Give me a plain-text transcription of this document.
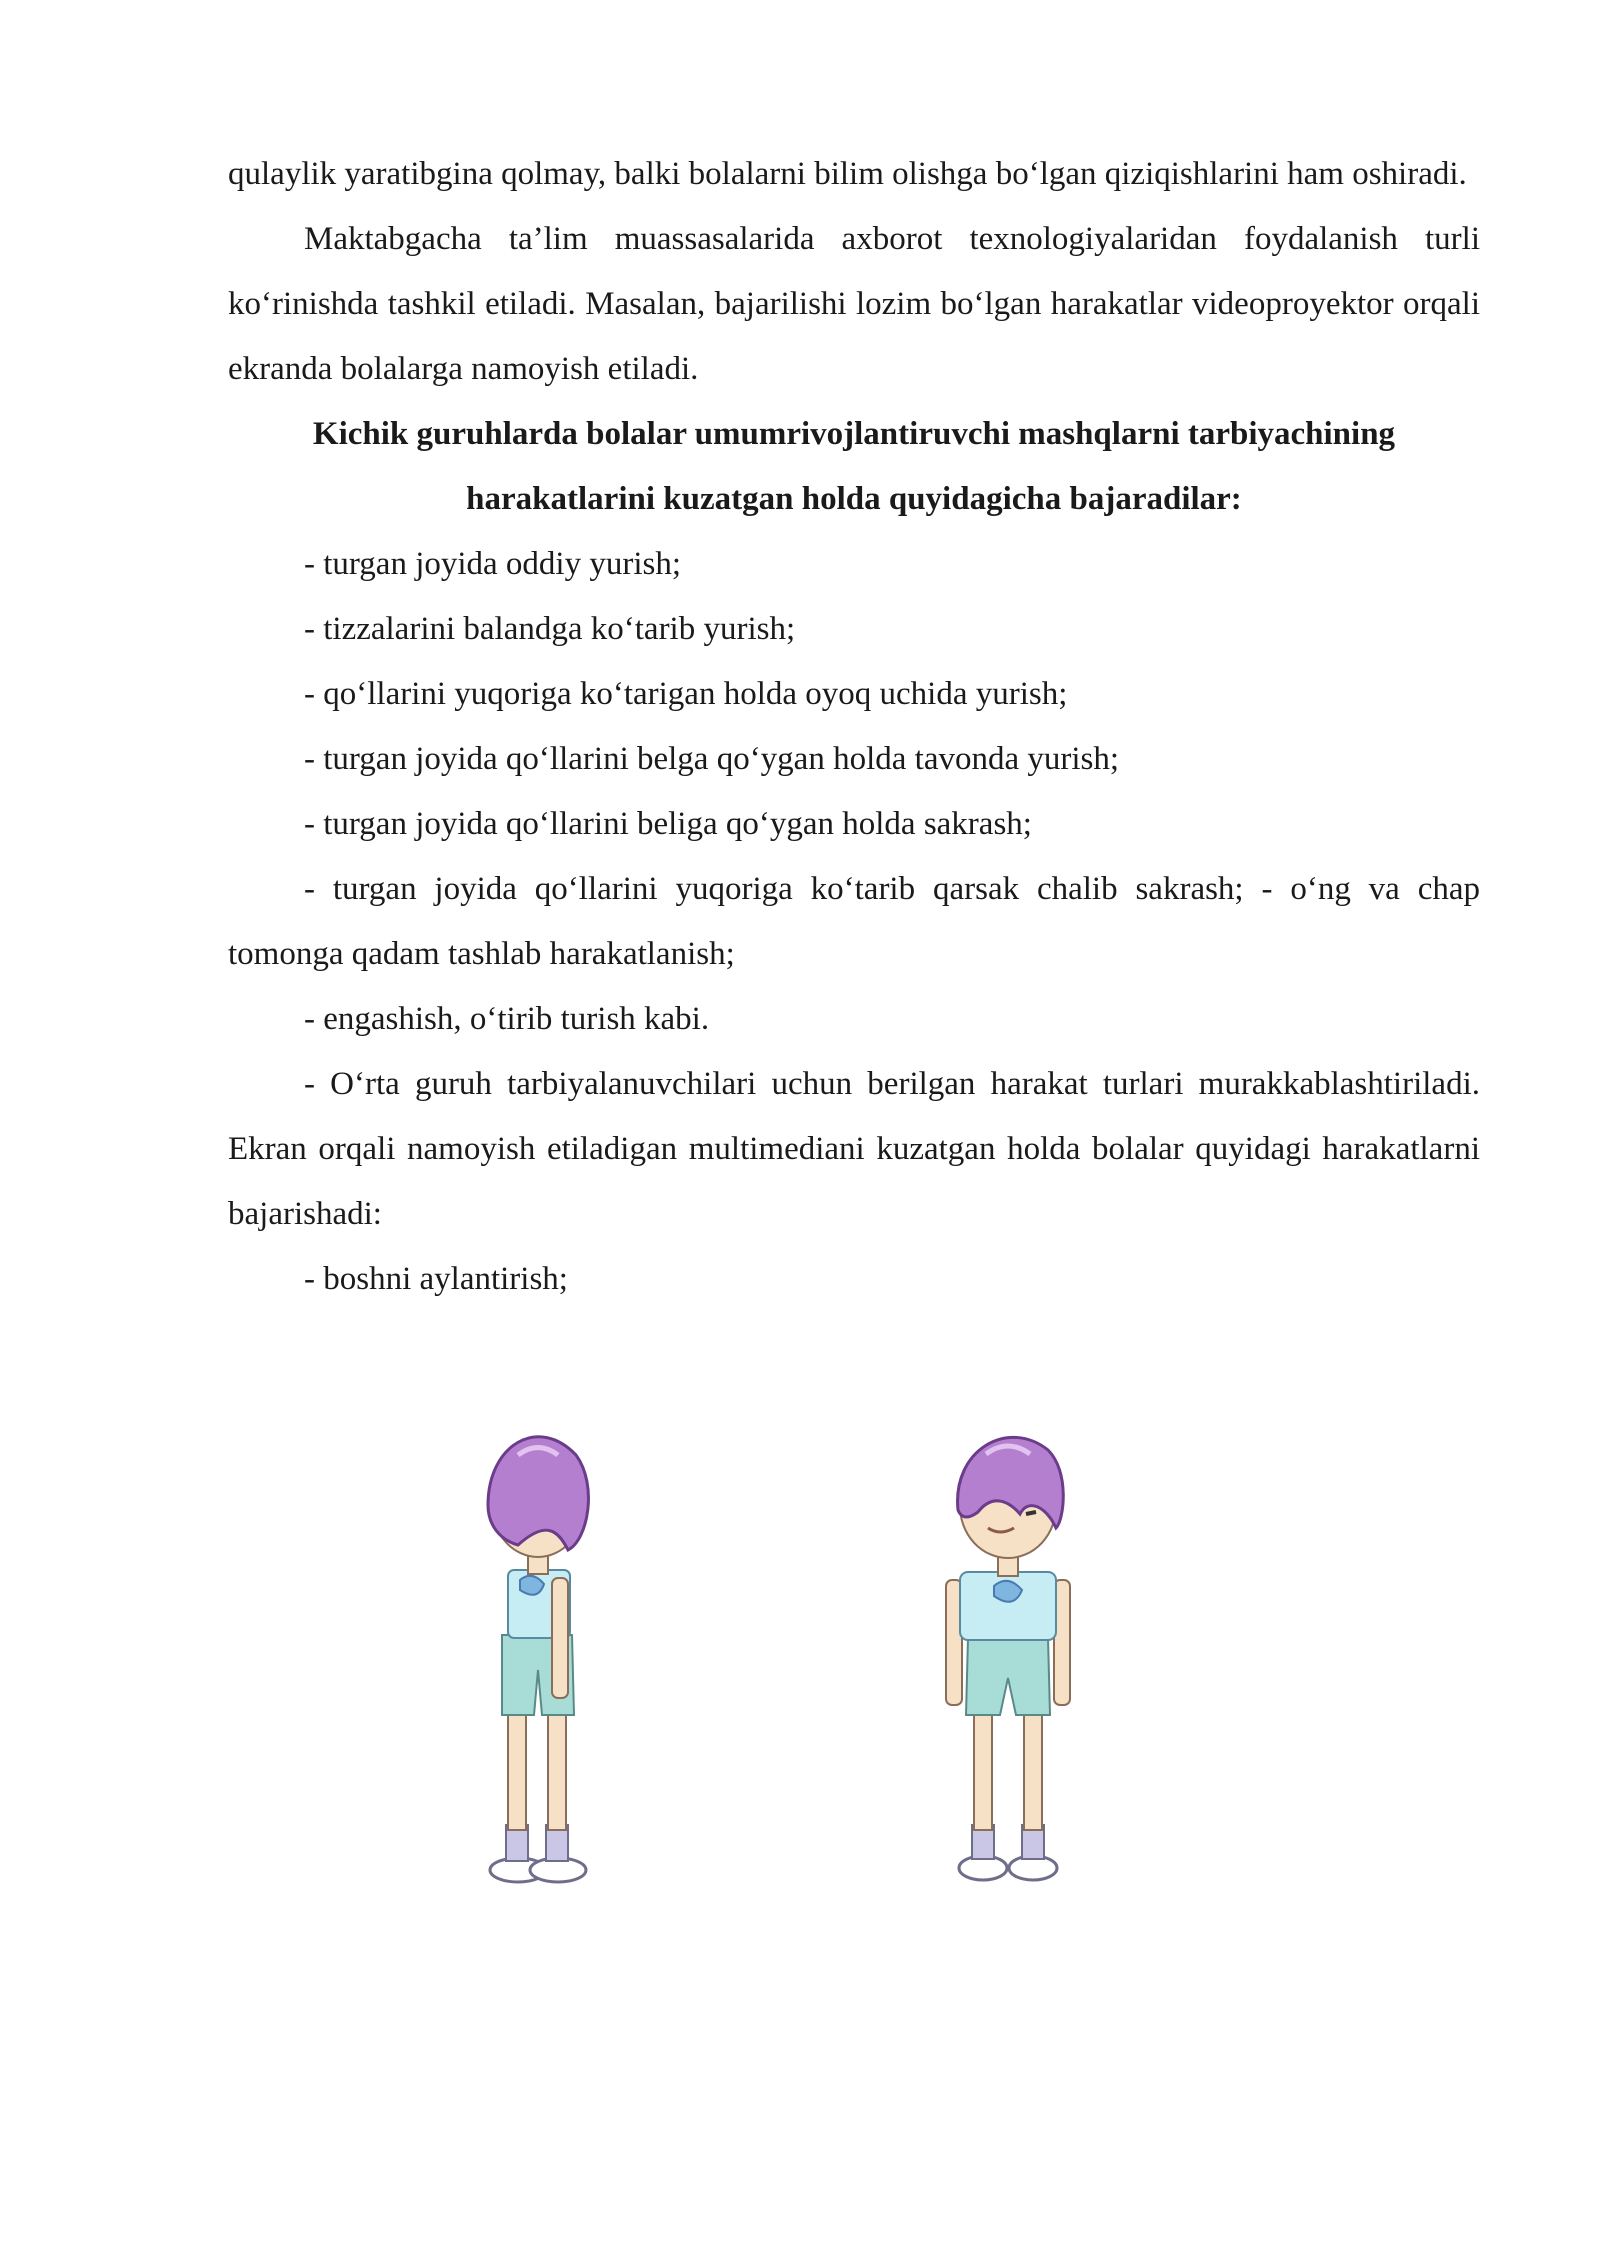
qulaylik yaratibgina qolmay, balki bolalarni bilim olishga bo‘lgan qiziqishlarini ham oshiradi.

Maktabgacha ta’lim muassasalarida axborot texnologiyalaridan foydalanish turli ko‘rinishda tashkil etiladi. Masalan, bajarilishi lozim bo‘lgan harakatlar videoproyektor orqali ekranda bolalarga namoyish etiladi.

Kichik guruhlarda bolalar umumrivojlantiruvchi mashqlarni tarbiyachining

harakatlarini kuzatgan holda quyidagicha bajaradilar:

- turgan joyida oddiy yurish;

- tizzalarini balandga ko‘tarib yurish;

- qo‘llarini yuqoriga ko‘tarigan holda oyoq uchida yurish;

- turgan joyida qo‘llarini belga qo‘ygan holda tavonda yurish;

- turgan joyida qo‘llarini beliga qo‘ygan holda sakrash;

- turgan joyida qo‘llarini yuqoriga ko‘tarib qarsak chalib sakrash; - o‘ng va chap tomonga qadam tashlab harakatlanish;

- engashish, o‘tirib turish kabi.

- O‘rta guruh tarbiyalanuvchilari uchun berilgan harakat turlari murakkablashtiriladi. Ekran orqali namoyish etiladigan multimediani kuzatgan holda bolalar quyidagi harakatlarni bajarishadi:

- boshni aylantirish;
